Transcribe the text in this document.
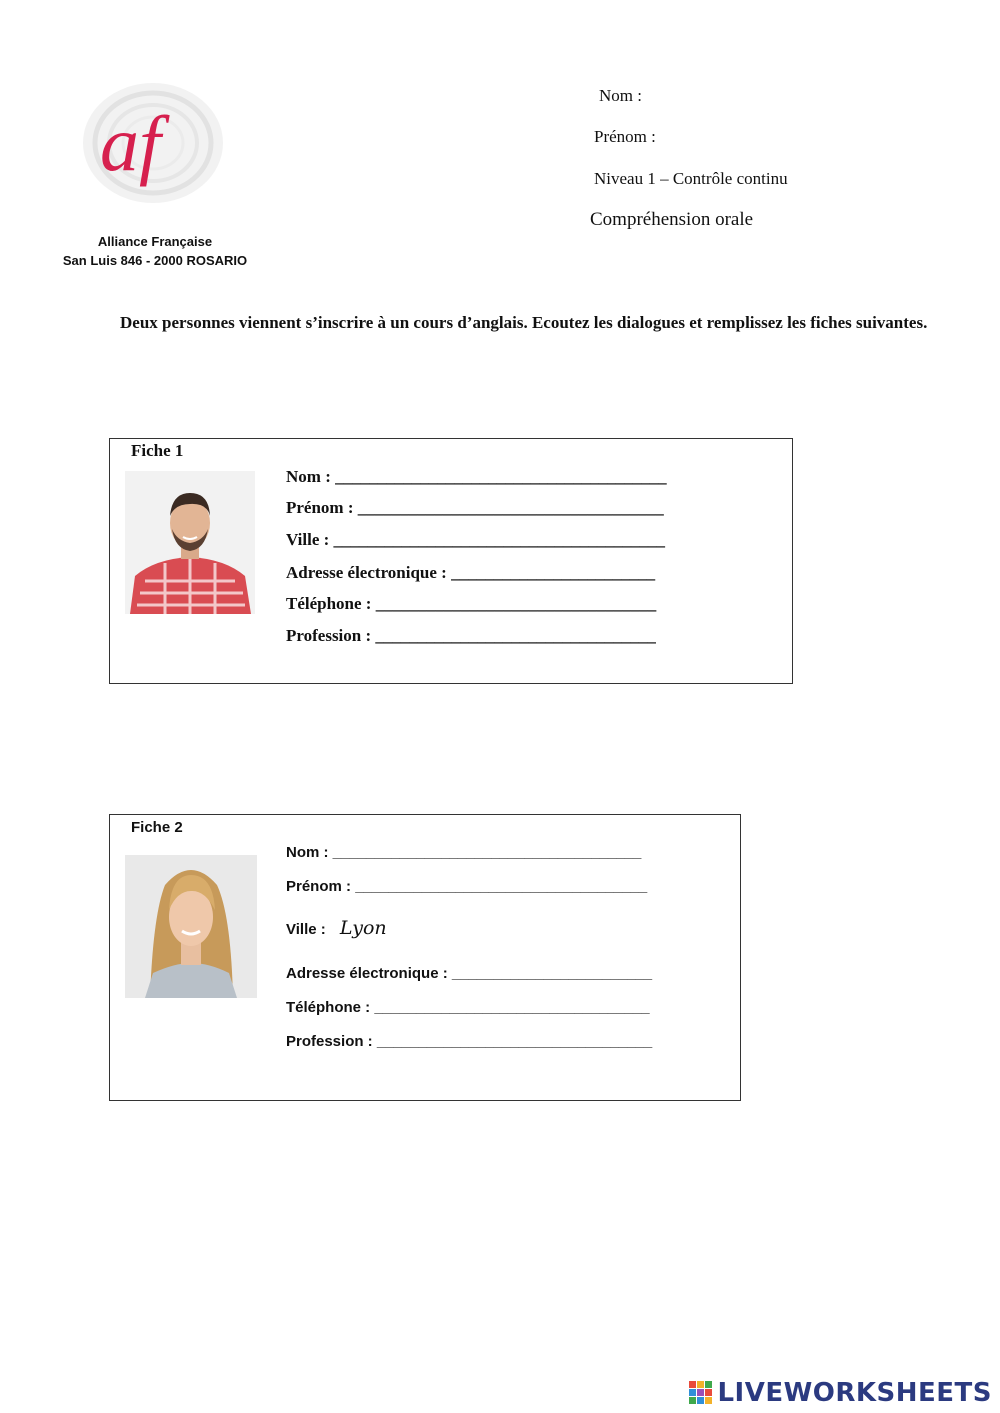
af
Alliance Française
San Luis 846 - 2000 ROSARIO
Nom :
Prénom :
Niveau 1 – Contrôle continu
Compréhension orale
Deux personnes viennent s’inscrire à un cours d’anglais. Ecoutez les dialogues et remplissez les fiches suivantes.
Fiche 1
Nom : _______________________________________
Prénom : ____________________________________
Ville : _______________________________________
Adresse électronique : ________________________
Téléphone : _________________________________
Profession : _________________________________
Fiche 2
Nom : _____________________________________
Prénom : ___________________________________
Ville : Lyon
Adresse électronique : ________________________
Téléphone : _________________________________
Profession : _________________________________
LIVEWORKSHEETS
